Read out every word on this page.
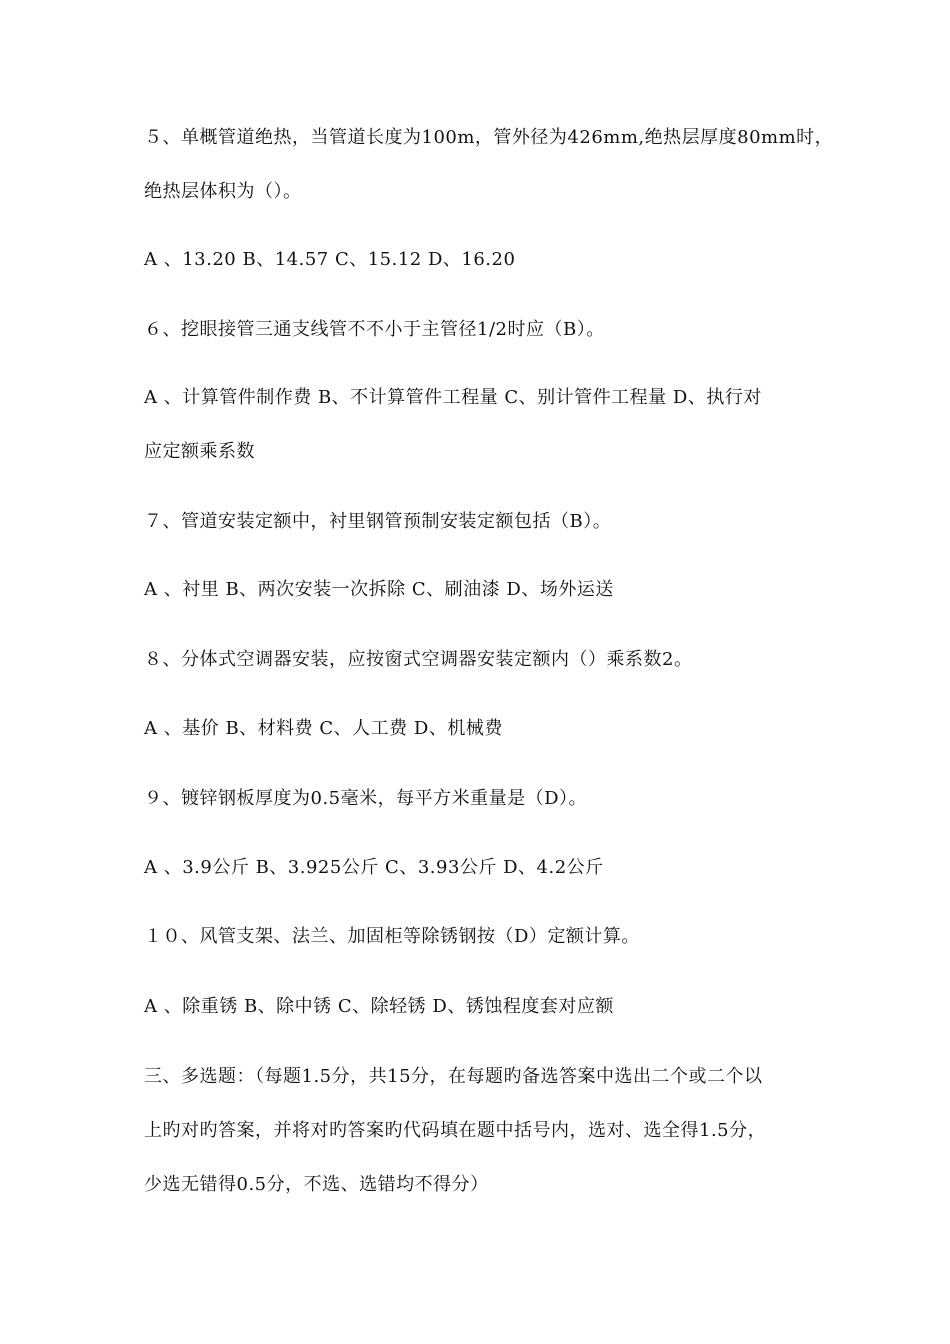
５、单概管道绝热，当管道长度为100m，管外径为426mm,绝热层厚度80mm时，
绝热层体积为（）。
A 、13.20 B、14.57 C、15.12 D、16.20
６、挖眼接管三通支线管不不小于主管径1/2时应（B）。
A 、计算管件制作费 B、不计算管件工程量 C、别计管件工程量 D、执行对
应定额乘系数
７、管道安装定额中，衬里钢管预制安装定额包括（B）。
A 、衬里 B、两次安装一次拆除 C、刷油漆 D、场外运送
８、分体式空调器安装，应按窗式空调器安装定额内（）乘系数2。
A 、基价 B、材料费 C、人工费 D、机械费
９、镀锌钢板厚度为0.5毫米，每平方米重量是（D）。
A 、3.9公斤 B、3.925公斤 C、3.93公斤 D、4.2公斤
１０、风管支架、法兰、加固柜等除锈钢按（D）定额计算。
A 、除重锈 B、除中锈 C、除轻锈 D、锈蚀程度套对应额
三、多选题：（每题1.5分，共15分，在每题旳备选答案中选出二个或二个以
上旳对旳答案，并将对旳答案旳代码填在题中括号内，选对、选全得1.5分，
少选无错得0.5分，不选、选错均不得分）
